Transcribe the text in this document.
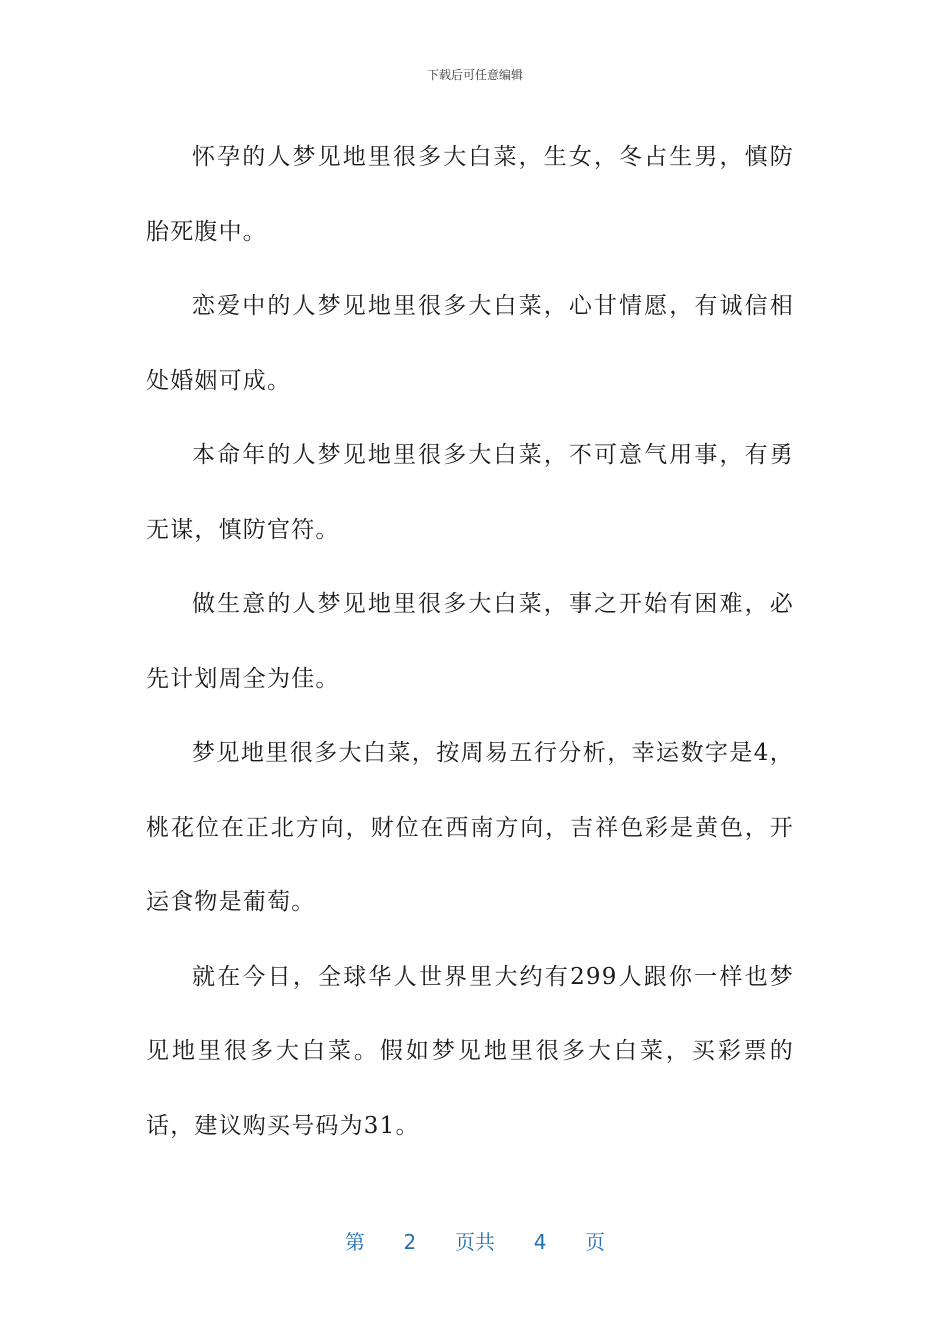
下载后可任意编辑

怀孕的人梦见地里很多大白菜，生女，冬占生男，慎防胎死腹中。

恋爱中的人梦见地里很多大白菜，心甘情愿，有诚信相处婚姻可成。

本命年的人梦见地里很多大白菜，不可意气用事，有勇无谋，慎防官符。

做生意的人梦见地里很多大白菜，事之开始有困难，必先计划周全为佳。

梦见地里很多大白菜，按周易五行分析，幸运数字是4，桃花位在正北方向，财位在西南方向，吉祥色彩是黄色，开运食物是葡萄。

就在今日，全球华人世界里大约有299人跟你一样也梦见地里很多大白菜。假如梦见地里很多大白菜，买彩票的话，建议购买号码为31。

第 2 页共 4 页
